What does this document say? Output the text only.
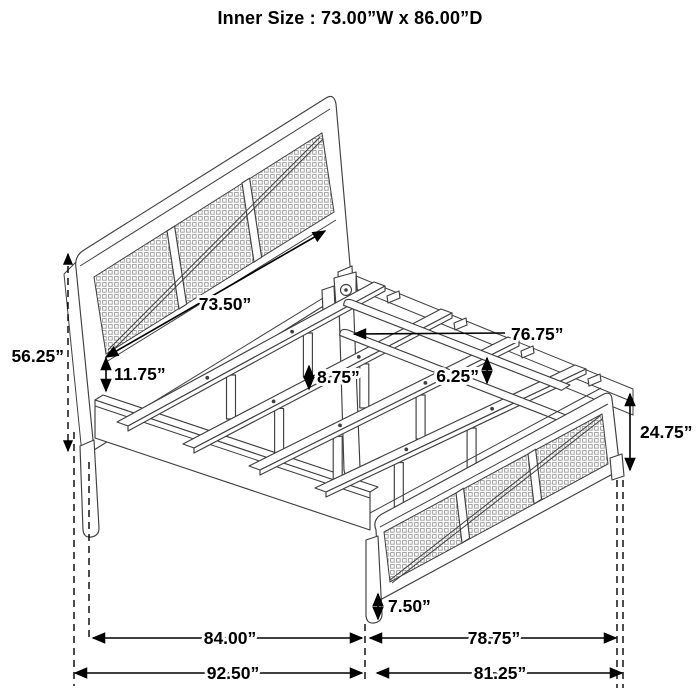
Inner Size : 73.00”W x 86.00”D
73.50”
76.75”
56.25”
11.75”	8.75”	6.25”
24.75”
7.50”
84.00”	78.75”
92.50”	81.25”
